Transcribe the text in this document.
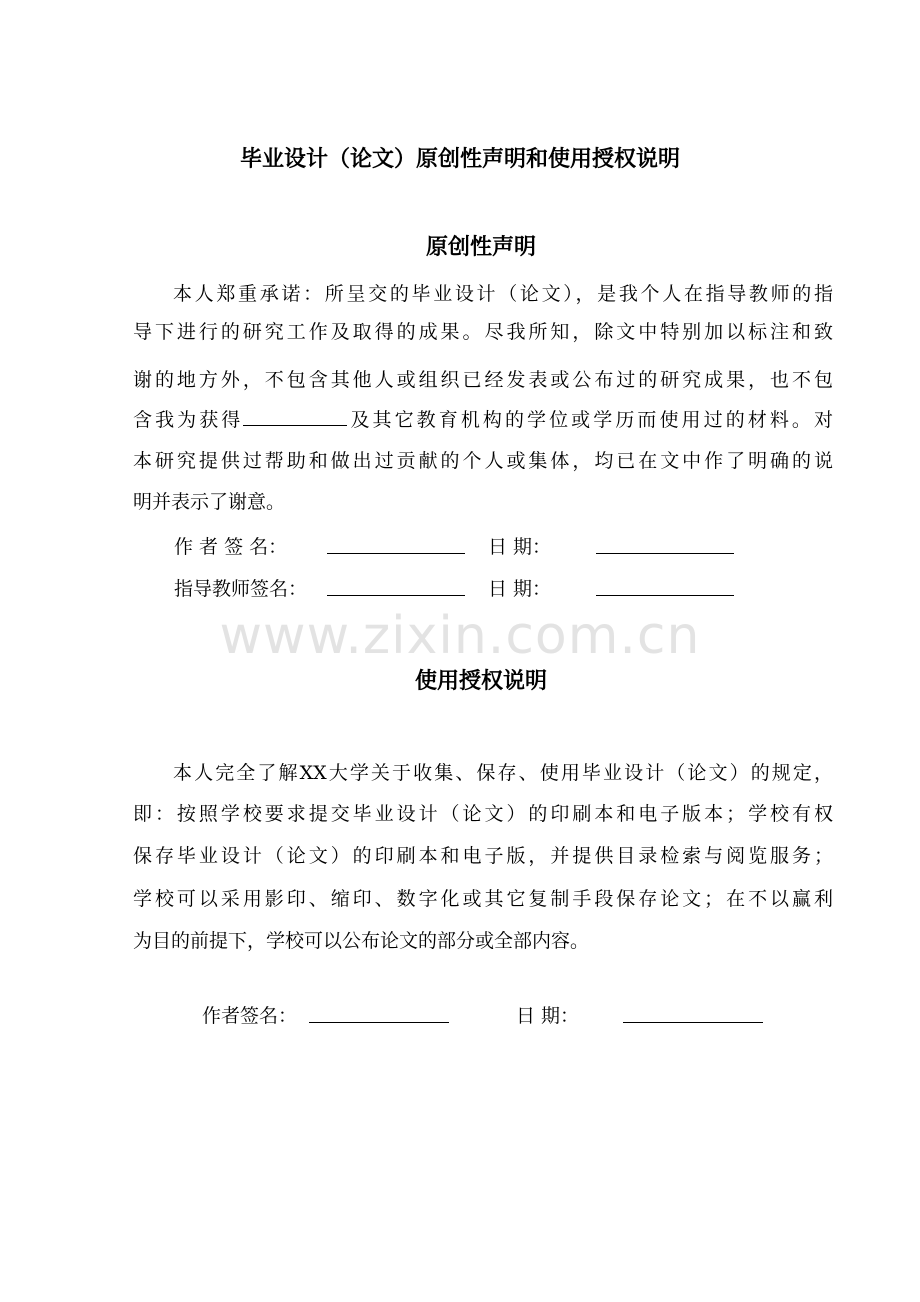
www.zixin.com.cn
毕业设计（论文）原创性声明和使用授权说明
原创性声明
本人郑重承诺：所呈交的毕业设计（论文），是我个人在指导教师的指
导下进行的研究工作及取得的成果。尽我所知，除文中特别加以标注和致
谢的地方外，不包含其他人或组织已经发表或公布过的研究成果，也不包
含我为获得	及其它教育机构的学位或学历而使用过的材料。对
本研究提供过帮助和做出过贡献的个人或集体，均已在文中作了明确的说
明并表示了谢意。
作 者 签 名：	日 期：
指导教师签名：	日 期：
使用授权说明
本人完全了解XX大学关于收集、保存、使用毕业设计（论文）的规定，
即：按照学校要求提交毕业设计（论文）的印刷本和电子版本；学校有权
保存毕业设计（论文）的印刷本和电子版，并提供目录检索与阅览服务；
学校可以采用影印、缩印、数字化或其它复制手段保存论文；在不以赢利
为目的前提下，学校可以公布论文的部分或全部内容。
作者签名：	日 期：
